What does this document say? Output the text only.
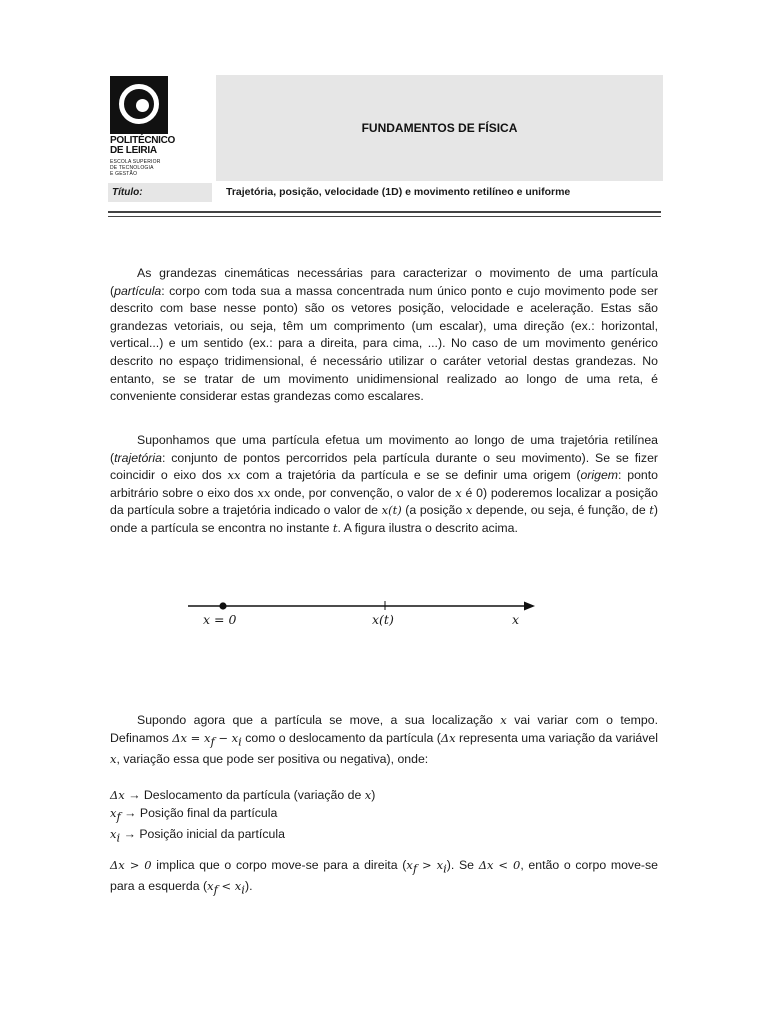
POLITÉCNICO
DE LEIRIA
ESCOLA SUPERIOR
DE TECNOLOGIA
E GESTÃO
FUNDAMENTOS DE FÍSICA
Título:	Trajetória, posição, velocidade (1D) e movimento retilíneo e uniforme

As grandezas cinemáticas necessárias para caracterizar o movimento de uma partícula (partícula: corpo com toda sua a massa concentrada num único ponto e cujo movimento pode ser descrito com base nesse ponto) são os vetores posição, velocidade e aceleração. Estas são grandezas vetoriais, ou seja, têm um comprimento (um escalar), uma direção (ex.: horizontal, vertical...) e um sentido (ex.: para a direita, para cima, ...). No caso de um movimento genérico descrito no espaço tridimensional, é necessário utilizar o caráter vetorial destas grandezas. No entanto, se se tratar de um movimento unidimensional realizado ao longo de uma reta, é conveniente considerar estas grandezas como escalares.

Suponhamos que uma partícula efetua um movimento ao longo de uma trajetória retilínea (trajetória: conjunto de pontos percorridos pela partícula durante o seu movimento). Se se fizer coincidir o eixo dos xx com a trajetória da partícula e se se definir uma origem (origem: ponto arbitrário sobre o eixo dos xx onde, por convenção, o valor de x é 0) poderemos localizar a posição da partícula sobre a trajetória indicado o valor de x(t) (a posição x depende, ou seja, é função, de t) onde a partícula se encontra no instante t. A figura ilustra o descrito acima.

x = 0	x(t)	x

Supondo agora que a partícula se move, a sua localização x vai variar com o tempo. Definamos $\Delta x = x_f - x_i$ como o deslocamento da partícula (Δx representa uma variação da variável x, variação essa que pode ser positiva ou negativa), onde:

Δx → Deslocamento da partícula (variação de x)
$x_f$ → Posição final da partícula
$x_i$ → Posição inicial da partícula

Δx > 0 implica que o corpo move-se para a direita $(x_f > x_i)$. Se Δx < 0, então o corpo move-se para a esquerda $(x_f < x_i)$.
